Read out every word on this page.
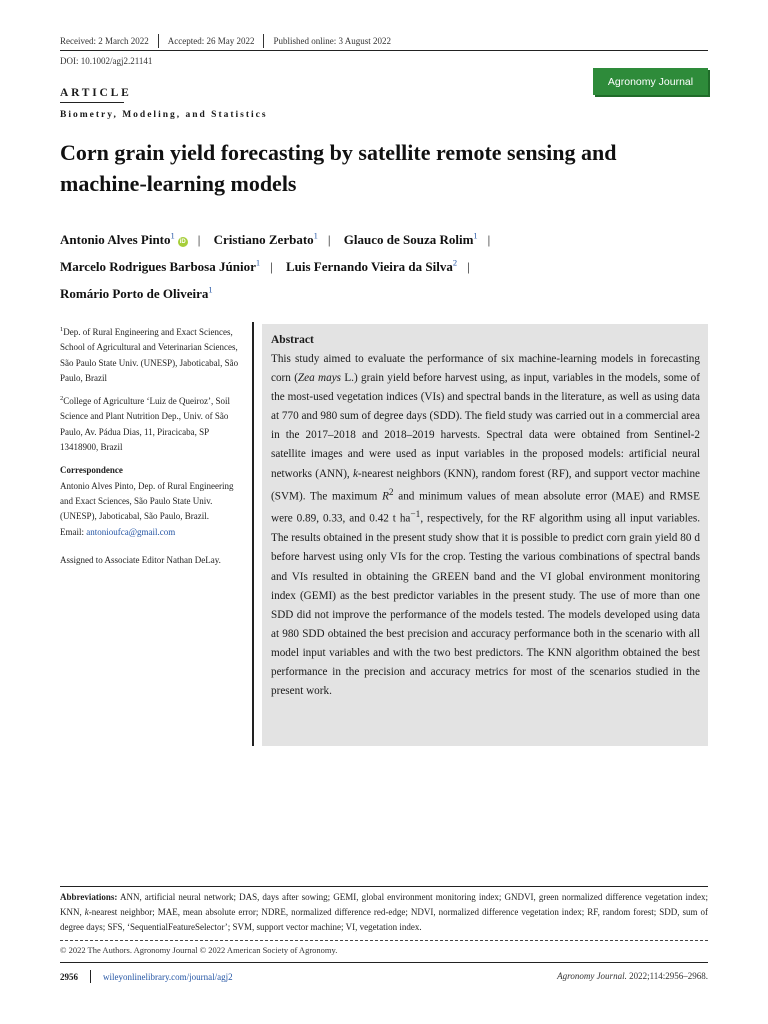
Received: 2 March 2022 Accepted: 26 May 2022 Published online: 3 August 2022
DOI: 10.1002/agj2.21141
Agronomy Journal
ARTICLE
Biometry, Modeling, and Statistics
Corn grain yield forecasting by satellite remote sensing and machine-learning models
Antonio Alves Pinto$^1$iD | Cristiano Zerbato$^1$ | Glauco de Souza Rolim$^1$ |
Marcelo Rodrigues Barbosa Júnior$^1$ | Luis Fernando Vieira da Silva$^2$ |
Romário Porto de Oliveira$^1$

$^1$Dep. of Rural Engineering and Exact Sciences, School of Agricultural and Veterinarian Sciences, São Paulo State Univ. (UNESP), Jaboticabal, São Paulo, Brazil

$^2$College of Agriculture ‘Luiz de Queiroz’, Soil Science and Plant Nutrition Dep., Univ. of São Paulo, Av. Pádua Dias, 11, Piracicaba, SP 13418900, Brazil

Correspondence

Antonio Alves Pinto, Dep. of Rural Engineering and Exact Sciences, São Paulo State Univ. (UNESP), Jaboticabal, São Paulo, Brazil.
Email: antonioufca@gmail.com

Assigned to Associate Editor Nathan DeLay.

Abstract
This study aimed to evaluate the performance of six machine-learning models in forecasting corn (Zea mays L.) grain yield before harvest using, as input, variables in the models, some of the most-used vegetation indices (VIs) and spectral bands in the literature, as well as using data at 770 and 980 sum of degree days (SDD). The field study was carried out in a commercial area in the 2017–2018 and 2018–2019 harvests. Spectral data were obtained from Sentinel-2 satellite images and were used as input variables in the proposed models: artificial neural networks (ANN), k-nearest neighbors (KNN), random forest (RF), and support vector machine (SVM). The maximum $R^2$ and minimum values of mean absolute error (MAE) and RMSE were 0.89, 0.33, and 0.42 t $ha^{-1}$, respectively, for the RF algorithm using all input variables. The results obtained in the present study show that it is possible to predict corn grain yield 80 d before harvest using only VIs for the crop. Testing the various combinations of spectral bands and VIs resulted in obtaining the GREEN band and the VI global environment monitoring index (GEMI) as the best predictor variables in the present study. The use of more than one SDD did not improve the performance of the models tested. The models developed using data at 980 SDD obtained the best precision and accuracy performance both in the scenario with all model input variables and with the two best predictors. The KNN algorithm obtained the best performance in the precision and accuracy metrics for most of the scenarios studied in the present work.
Abbreviations: ANN, artificial neural network; DAS, days after sowing; GEMI, global environment monitoring index; GNDVI, green normalized difference vegetation index; KNN, k-nearest neighbor; MAE, mean absolute error; NDRE, normalized difference red-edge; NDVI, normalized difference vegetation index; RF, random forest; SDD, sum of degree days; SFS, ‘SequentialFeatureSelector’; SVM, support vector machine; VI, vegetation index.
© 2022 The Authors. Agronomy Journal © 2022 American Society of Agronomy.
2956	wileyonlinelibrary.com/journal/agj2	Agronomy Journal. 2022;114:2956–2968.
